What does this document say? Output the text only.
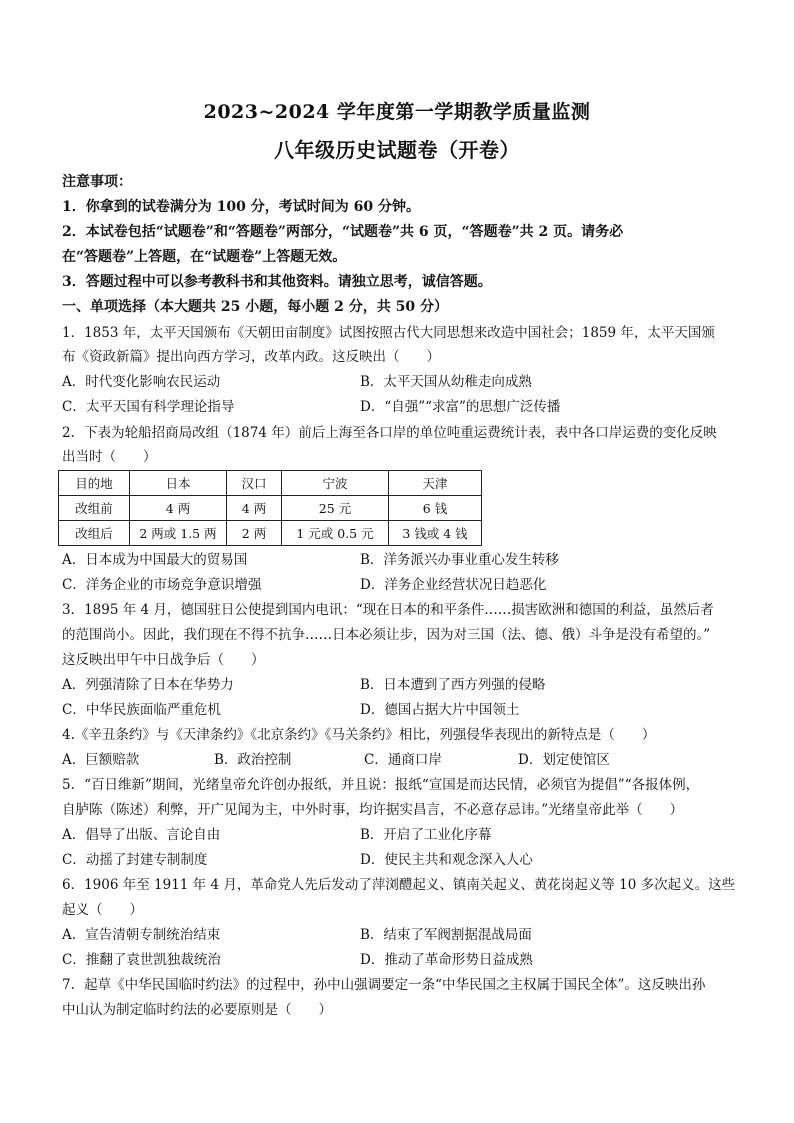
2023~2024 学年度第一学期教学质量监测
八年级历史试题卷（开卷）
注意事项：
1．你拿到的试卷满分为 100 分，考试时间为 60 分钟。
2．本试卷包括“试题卷”和“答题卷”两部分，“试题卷”共 6 页，“答题卷”共 2 页。请务必
在“答题卷”上答题，在“试题卷”上答题无效。
3．答题过程中可以参考教科书和其他资料。请独立思考，诚信答题。
一、单项选择（本大题共 25 小题，每小题 2 分，共 50 分）
1．1853 年，太平天国颁布《天朝田亩制度》试图按照古代大同思想来改造中国社会；1859 年，太平天国颁
布《资政新篇》提出向西方学习，改革内政。这反映出（　　）
A．时代变化影响农民运动	B．太平天国从幼稚走向成熟
C．太平天国有科学理论指导	D．“自强”“求富”的思想广泛传播
2．下表为轮船招商局改组（1874 年）前后上海至各口岸的单位吨重运费统计表，表中各口岸运费的变化反映
出当时（　　）
目的地	日本	汉口	宁波	天津
改组前	4 两	4 两	25 元	6 钱
改组后	2 两或 1.5 两	2 两	1 元或 0.5 元	3 钱或 4 钱
A．日本成为中国最大的贸易国	B．洋务派兴办事业重心发生转移
C．洋务企业的市场竞争意识增强	D．洋务企业经营状况日趋恶化
3．1895 年 4 月，德国驻日公使提到国内电讯：“现在日本的和平条件……损害欧洲和德国的利益，虽然后者
的范围尚小。因此，我们现在不得不抗争……日本必须让步，因为对三国（法、德、俄）斗争是没有希望的。”
这反映出甲午中日战争后（　　）
A．列强清除了日本在华势力	B．日本遭到了西方列强的侵略
C．中华民族面临严重危机	D．德国占据大片中国领土
4.《辛丑条约》与《天津条约》《北京条约》《马关条约》相比，列强侵华表现出的新特点是（　　）
A．巨额赔款	B．政治控制	C．通商口岸	D．划定使馆区
5．“百日维新”期间，光绪皇帝允许创办报纸，并且说：报纸“宣国是而达民情，必须官为提倡”“各报体例，
自胪陈（陈述）利弊，开广见闻为主，中外时事，均许据实昌言，不必意存忌讳。”光绪皇帝此举（　　）
A．倡导了出版、言论自由	B．开启了工业化序幕
C．动摇了封建专制制度	D．使民主共和观念深入人心
6．1906 年至 1911 年 4 月，革命党人先后发动了萍浏醴起义、镇南关起义、黄花岗起义等 10 多次起义。这些
起义（　　）
A．宣告清朝专制统治结束	B．结束了军阀割据混战局面
C．推翻了袁世凯独裁统治	D．推动了革命形势日益成熟
7．起草《中华民国临时约法》的过程中，孙中山强调要定一条“中华民国之主权属于国民全体”。这反映出孙
中山认为制定临时约法的必要原则是（　　）
